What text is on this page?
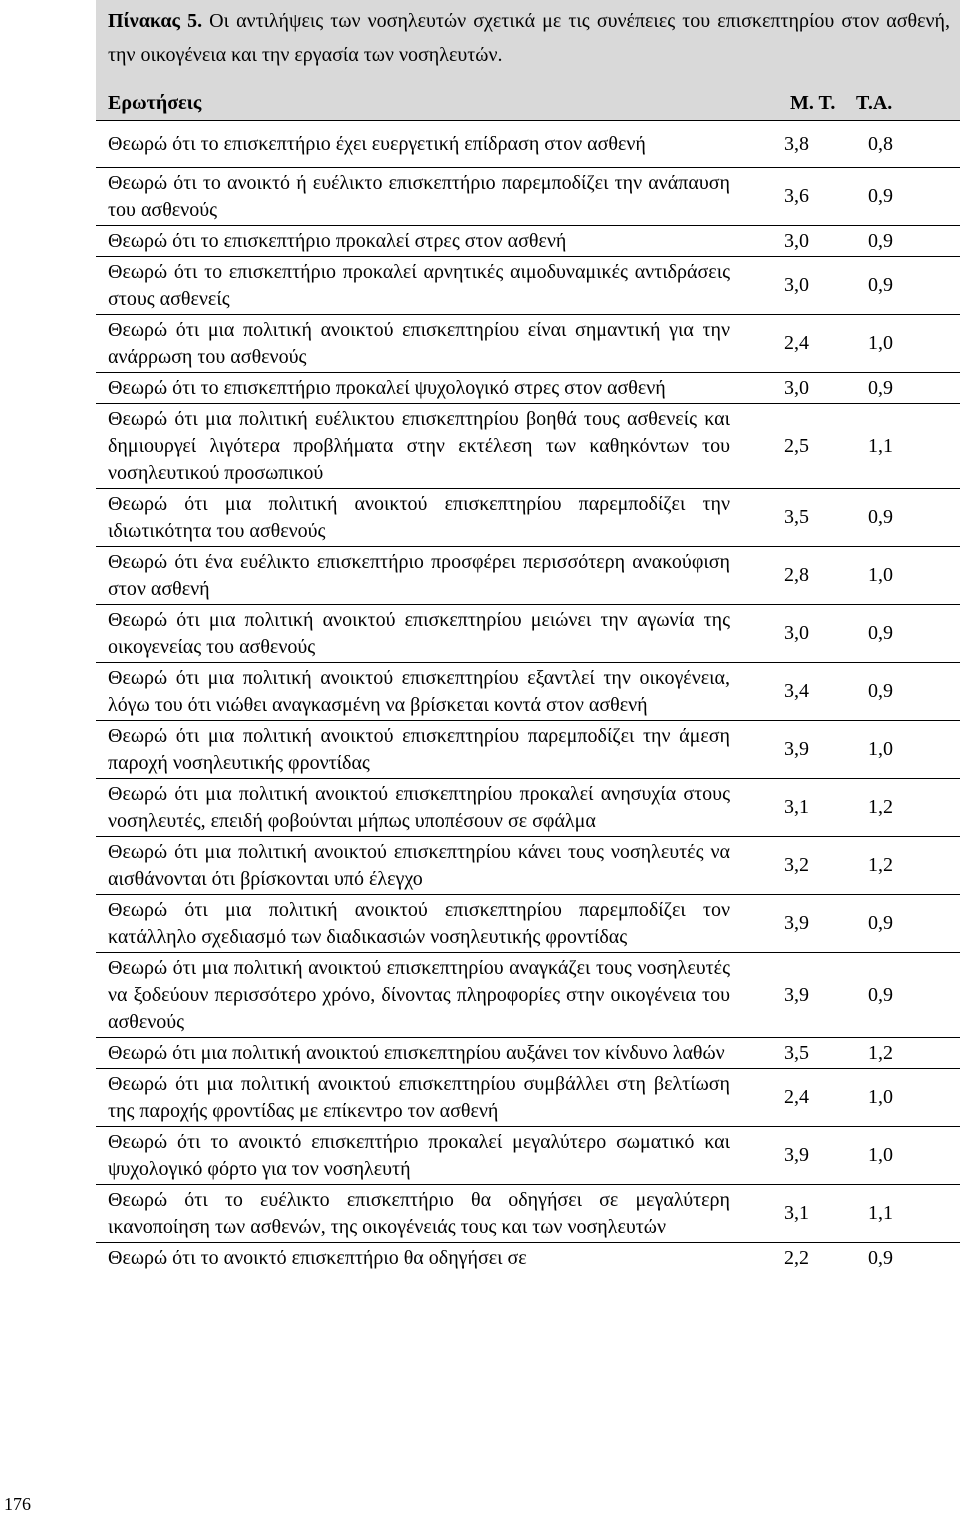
Πίνακας 5. Οι αντιλήψεις των νοσηλευτών σχετικά με τις συνέπειες του επισκεπτηρίου στον ασθενή, την οικογένεια και την εργασία των νοσηλευτών.
Ερωτήσεις	Μ. Τ.	Τ.Α.
Θεωρώ ότι το επισκεπτήριο έχει ευεργετική επίδραση στον ασθενή	3,8	0,8
Θεωρώ ότι το ανοικτό ή ευέλικτο επισκεπτήριο παρεμποδίζει την ανάπαυση του ασθενούς	3,6	0,9
Θεωρώ ότι το επισκεπτήριο προκαλεί στρες στον ασθενή	3,0	0,9
Θεωρώ ότι το επισκεπτήριο προκαλεί αρνητικές αιμοδυναμικές αντιδράσεις στους ασθενείς	3,0	0,9
Θεωρώ ότι μια πολιτική ανοικτού επισκεπτηρίου είναι σημαντική για την ανάρρωση του ασθενούς	2,4	1,0
Θεωρώ ότι το επισκεπτήριο προκαλεί ψυχολογικό στρες στον ασθενή	3,0	0,9
Θεωρώ ότι μια πολιτική ευέλικτου επισκεπτηρίου βοηθά τους ασθενείς και δημιουργεί λιγότερα προβλήματα στην εκτέλεση των καθηκόντων του νοσηλευτικού προσωπικού	2,5	1,1
Θεωρώ ότι μια πολιτική ανοικτού επισκεπτηρίου παρεμποδίζει την ιδιωτικότητα του ασθενούς	3,5	0,9
Θεωρώ ότι ένα ευέλικτο επισκεπτήριο προσφέρει περισσότερη ανακούφιση στον ασθενή	2,8	1,0
Θεωρώ ότι μια πολιτική ανοικτού επισκεπτηρίου μειώνει την αγωνία της οικογενείας του ασθενούς	3,0	0,9
Θεωρώ ότι μια πολιτική ανοικτού επισκεπτηρίου εξαντλεί την οικογένεια, λόγω του ότι νιώθει αναγκασμένη να βρίσκεται κοντά στον ασθενή	3,4	0,9
Θεωρώ ότι μια πολιτική ανοικτού επισκεπτηρίου παρεμποδίζει την άμεση παροχή νοσηλευτικής φροντίδας	3,9	1,0
Θεωρώ ότι μια πολιτική ανοικτού επισκεπτηρίου προκαλεί ανησυχία στους νοσηλευτές, επειδή φοβούνται μήπως υποπέσουν σε σφάλμα	3,1	1,2
Θεωρώ ότι μια πολιτική ανοικτού επισκεπτηρίου κάνει τους νοσηλευτές να αισθάνονται ότι βρίσκονται υπό έλεγχο	3,2	1,2
Θεωρώ ότι μια πολιτική ανοικτού επισκεπτηρίου παρεμποδίζει τον κατάλληλο σχεδιασμό των διαδικασιών νοσηλευτικής φροντίδας	3,9	0,9
Θεωρώ ότι μια πολιτική ανοικτού επισκεπτηρίου αναγκάζει τους νοσηλευτές να ξοδεύουν περισσότερο χρόνο, δίνοντας πληροφορίες στην οικογένεια του ασθενούς	3,9	0,9
Θεωρώ ότι μια πολιτική ανοικτού επισκεπτηρίου αυξάνει τον κίνδυνο λαθών	3,5	1,2
Θεωρώ ότι μια πολιτική ανοικτού επισκεπτηρίου συμβάλλει στη βελτίωση της παροχής φροντίδας με επίκεντρο τον ασθενή	2,4	1,0
Θεωρώ ότι το ανοικτό επισκεπτήριο προκαλεί μεγαλύτερο σωματικό και ψυχολογικό φόρτο για τον νοσηλευτή	3,9	1,0
Θεωρώ ότι το ευέλικτο επισκεπτήριο θα οδηγήσει σε μεγαλύτερη ικανοποίηση των ασθενών, της οικογένειάς τους και των νοσηλευτών	3,1	1,1
Θεωρώ ότι το ανοικτό επισκεπτήριο θα οδηγήσει σε	2,2	0,9
176
